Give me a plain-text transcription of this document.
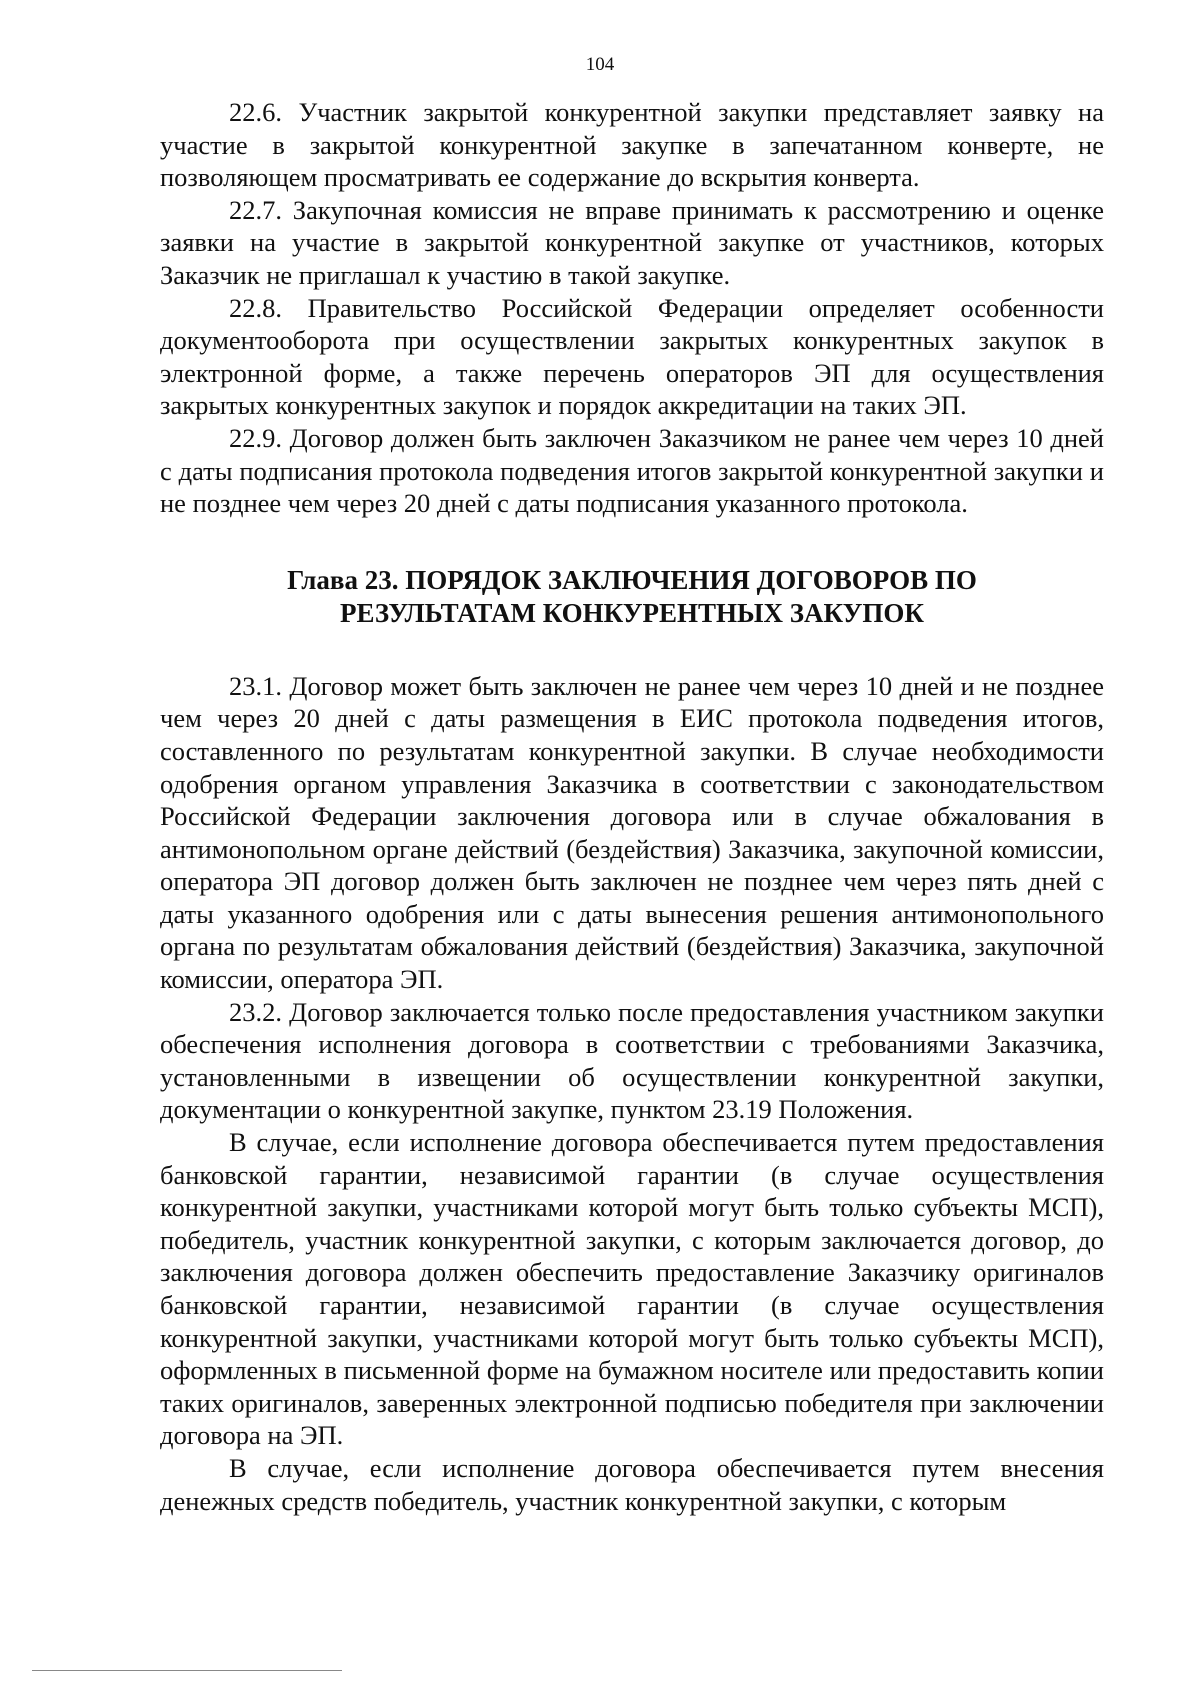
104

22.6. Участник закрытой конкурентной закупки представляет заявку на участие в закрытой конкурентной закупке в запечатанном конверте, не позволяющем просматривать ее содержание до вскрытия конверта.

22.7. Закупочная комиссия не вправе принимать к рассмотрению и оценке заявки на участие в закрытой конкурентной закупке от участников, которых Заказчик не приглашал к участию в такой закупке.

22.8. Правительство Российской Федерации определяет особенности документооборота при осуществлении закрытых конкурентных закупок в электронной форме, а также перечень операторов ЭП для осуществления закрытых конкурентных закупок и порядок аккредитации на таких ЭП.

22.9. Договор должен быть заключен Заказчиком не ранее чем через 10 дней с даты подписания протокола подведения итогов закрытой конкурентной закупки и не позднее чем через 20 дней с даты подписания указанного протокола.

Глава 23. ПОРЯДОК ЗАКЛЮЧЕНИЯ ДОГОВОРОВ ПО
РЕЗУЛЬТАТАМ КОНКУРЕНТНЫХ ЗАКУПОК

23.1. Договор может быть заключен не ранее чем через 10 дней и не позднее чем через 20 дней с даты размещения в ЕИС протокола подведения итогов, составленного по результатам конкурентной закупки. В случае необходимости одобрения органом управления Заказчика в соответствии с законодательством Российской Федерации заключения договора или в случае обжалования в антимонопольном органе действий (бездействия) Заказчика, закупочной комиссии, оператора ЭП договор должен быть заключен не позднее чем через пять дней с даты указанного одобрения или с даты вынесения решения антимонопольного органа по результатам обжалования действий (бездействия) Заказчика, закупочной комиссии, оператора ЭП.

23.2. Договор заключается только после предоставления участником закупки обеспечения исполнения договора в соответствии с требованиями Заказчика, установленными в извещении об осуществлении конкурентной закупки, документации о конкурентной закупке, пунктом 23.19 Положения.

В случае, если исполнение договора обеспечивается путем предоставления банковской гарантии, независимой гарантии (в случае осуществления конкурентной закупки, участниками которой могут быть только субъекты МСП), победитель, участник конкурентной закупки, с которым заключается договор, до заключения договора должен обеспечить предоставление Заказчику оригиналов банковской гарантии, независимой гарантии (в случае осуществления конкурентной закупки, участниками которой могут быть только субъекты МСП), оформленных в письменной форме на бумажном носителе или предоставить копии таких оригиналов, заверенных электронной подписью победителя при заключении договора на ЭП.

В случае, если исполнение договора обеспечивается путем внесения денежных средств победитель, участник конкурентной закупки, с которым
